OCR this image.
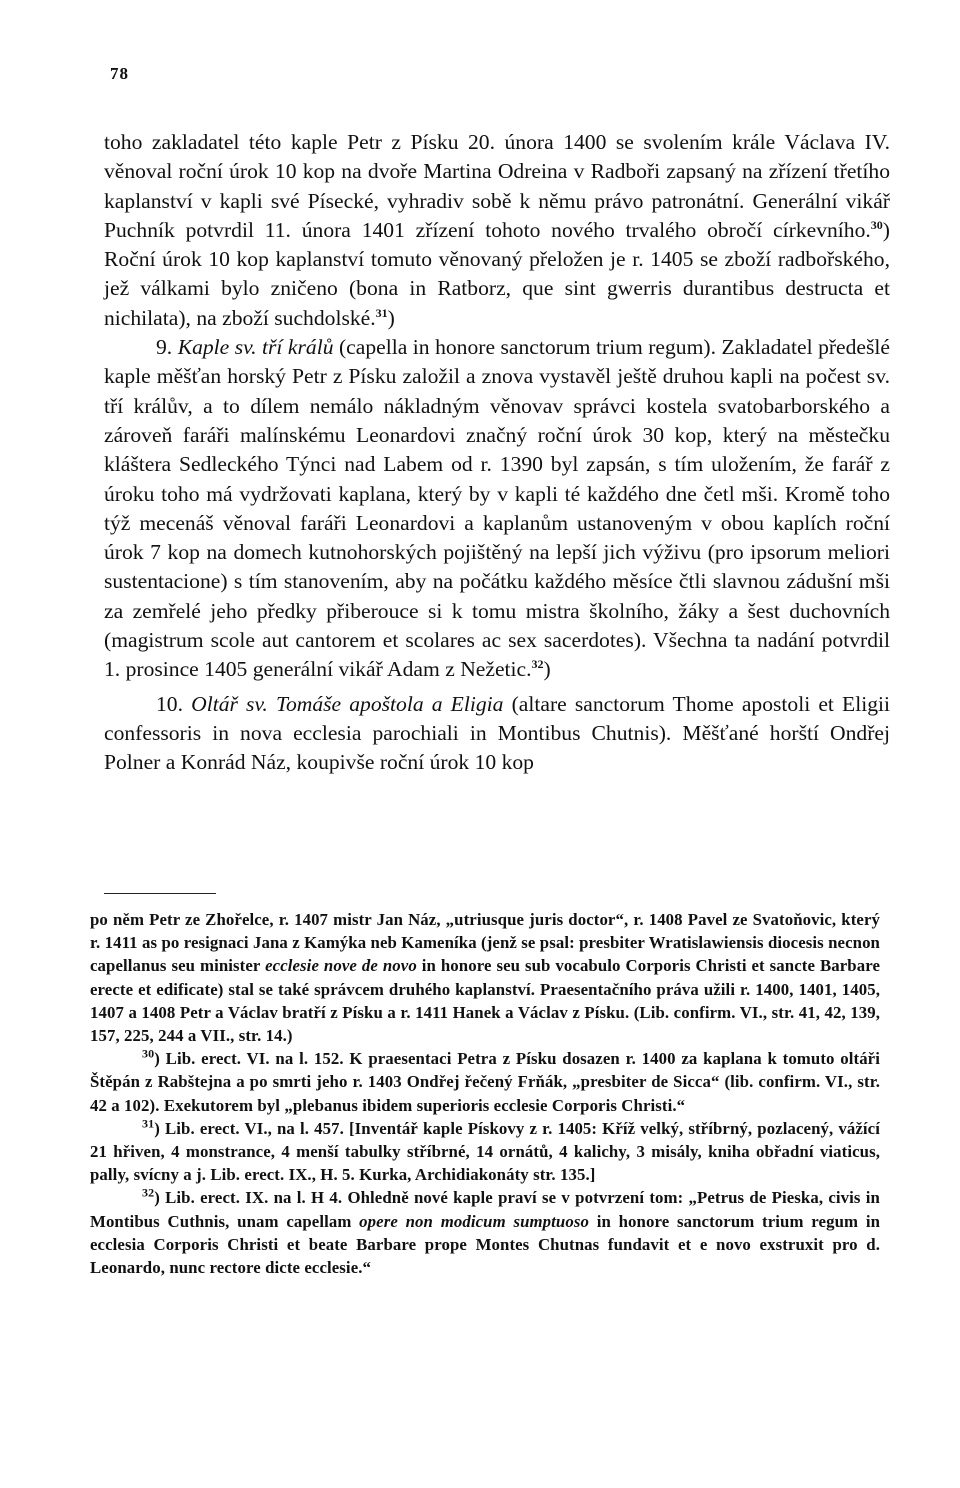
78

toho zakladatel této kaple Petr z Písku 20. února 1400 se svolením krále Václava IV. věnoval roční úrok 10 kop na dvoře Martina Odreina v Radboři zapsaný na zřízení třetího kaplanství v kapli své Písecké, vyhradiv sobě k němu právo patronátní. Generální vikář Puchník potvrdil 11. února 1401 zřízení tohoto nového trvalého obročí církevního.$^{30}$) Roční úrok 10 kop kaplanství tomuto věnovaný přeložen je r. 1405 se zboží radbořského, jež válkami bylo zničeno (bona in Ratborz, que sint gwerris durantibus destructa et nichilata), na zboží suchdolské.$^{31}$)

9. Kaple sv. tří králů (capella in honore sanctorum trium regum). Zakladatel předešlé kaple měšťan horský Petr z Písku založil a znova vystavěl ještě druhou kapli na počest sv. tří králův, a to dílem nemálo nákladným věnovav správci kostela svatobarborského a zároveň faráři malínskému Leonardovi značný roční úrok 30 kop, který na městečku kláštera Sedleckého Týnci nad Labem od r. 1390 byl zapsán, s tím uložením, že farář z úroku toho má vydržovati kaplana, který by v kapli té každého dne četl mši. Kromě toho týž mecenáš věnoval faráři Leonardovi a kaplanům ustanoveným v obou kaplích roční úrok 7 kop na domech kutnohorských pojištěný na lepší jich výživu (pro ipsorum meliori sustentacione) s tím stanovením, aby na počátku každého měsíce čtli slavnou zádušní mši za zemřelé jeho předky přiberouce si k tomu mistra školního, žáky a šest duchovních (magistrum scole aut cantorem et scolares ac sex sacerdotes). Všechna ta nadání potvrdil 1. prosince 1405 generální vikář Adam z Nežetic.$^{32}$)

10. Oltář sv. Tomáše apoštola a Eligia (altare sanctorum Thome apostoli et Eligii confessoris in nova ecclesia parochiali in Montibus Chutnis). Měšťané horští Ondřej Polner a Konrád Náz, koupivše roční úrok 10 kop

po něm Petr ze Zhořelce, r. 1407 mistr Jan Náz, „utriusque juris doctor“, r. 1408 Pavel ze Svatoňovic, který r. 1411 as po resignaci Jana z Kamýka neb Kameníka (jenž se psal: presbiter Wratislawiensis diocesis necnon capellanus seu minister ecclesie nove de novo in honore seu sub vocabulo Corporis Christi et sancte Barbare erecte et edificate) stal se také správcem druhého kaplanství. Praesentačního práva užili r. 1400, 1401, 1405, 1407 a 1408 Petr a Václav bratří z Písku a r. 1411 Hanek a Václav z Písku. (Lib. confirm. VI., str. 41, 42, 139, 157, 225, 244 a VII., str. 14.)

$^{30}$) Lib. erect. VI. na l. 152. K praesentaci Petra z Písku dosazen r. 1400 za kaplana k tomuto oltáři Štěpán z Rabštejna a po smrti jeho r. 1403 Ondřej řečený Frňák, „presbiter de Sicca“ (lib. confirm. VI., str. 42 a 102). Exekutorem byl „plebanus ibidem superioris ecclesie Corporis Christi.“

$^{31}$) Lib. erect. VI., na l. 457. [Inventář kaple Pískovy z r. 1405: Kříž velký, stříbrný, pozlacený, vážící 21 hřiven, 4 monstrance, 4 menší tabulky stříbrné, 14 ornátů, 4 kalichy, 3 misály, kniha obřadní viaticus, pally, svícny a j. Lib. erect. IX., H. 5. Kurka, Archidiakonáty str. 135.]

$^{32}$) Lib. erect. IX. na l. H 4. Ohledně nové kaple praví se v potvrzení tom: „Petrus de Pieska, civis in Montibus Cuthnis, unam capellam opere non modicum sumptuoso in honore sanctorum trium regum in ecclesia Corporis Christi et beate Barbare prope Montes Chutnas fundavit et e novo exstruxit pro d. Leonardo, nunc rectore dicte ecclesie.“
